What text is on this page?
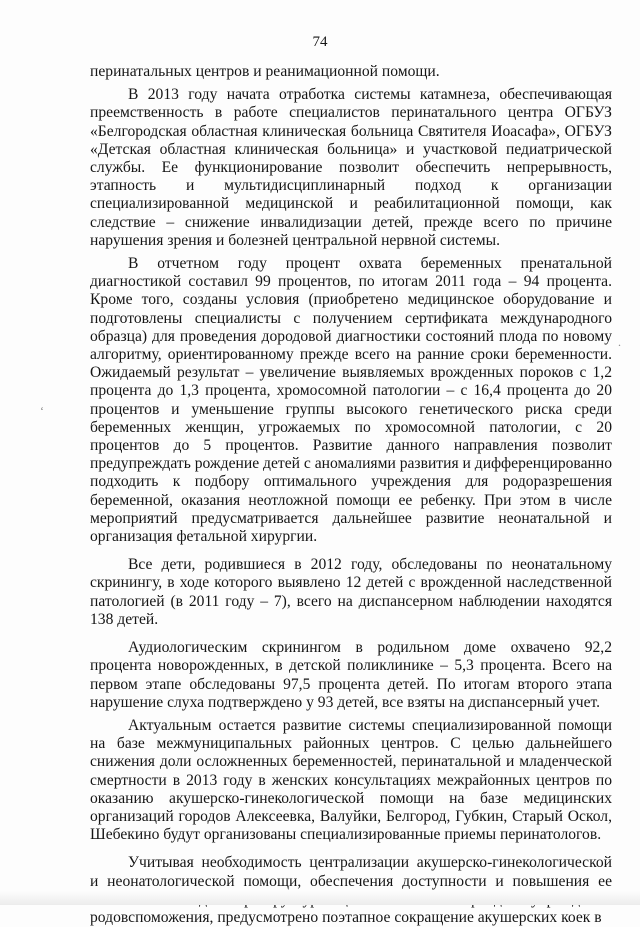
74

перинатальных центров и реанимационной помощи.

В 2013 году начата отработка системы катамнеза, обеспечивающая преемственность в работе специалистов перинатального центра ОГБУЗ «Белгородская областная клиническая больница Святителя Иоасафа», ОГБУЗ «Детская областная клиническая больница» и участковой педиатрической службы. Ее функционирование позволит обеспечить непрерывность, этапность и мультидисциплинарный подход к организации специализированной медицинской и реабилитационной помощи, как следствие – снижение инвалидизации детей, прежде всего по причине нарушения зрения и болезней центральной нервной системы.

В отчетном году процент охвата беременных пренатальной диагностикой составил 99 процентов, по итогам 2011 года – 94 процента. Кроме того, созданы условия (приобретено медицинское оборудование и подготовлены специалисты с получением сертификата международного образца) для проведения дородовой диагностики состояний плода по новому алгоритму, ориентированному прежде всего на ранние сроки беременности. Ожидаемый результат – увеличение выявляемых врожденных пороков с 1,2 процента до 1,3 процента, хромосомной патологии – с 16,4 процента до 20 процентов и уменьшение группы высокого генетического риска среди беременных женщин, угрожаемых по хромосомной патологии, с 20 процентов до 5 процентов. Развитие данного направления позволит предупреждать рождение детей с аномалиями развития и дифференцированно подходить к подбору оптимального учреждения для родоразрешения беременной, оказания неотложной помощи ее ребенку. При этом в числе мероприятий предусматривается дальнейшее развитие неонатальной и организация фетальной хирургии.

Все дети, родившиеся в 2012 году, обследованы по неонатальному скринингу, в ходе которого выявлено 12 детей с врожденной наследственной патологией (в 2011 году – 7), всего на диспансерном наблюдении находятся 138 детей.

Аудиологическим скринингом в родильном доме охвачено 92,2 процента новорожденных, в детской поликлинике – 5,3 процента. Всего на первом этапе обследованы 97,5 процента детей. По итогам второго этапа нарушение слуха подтверждено у 93 детей, все взяты на диспансерный учет.

Актуальным остается развитие системы специализированной помощи на базе межмуниципальных районных центров. С целью дальнейшего снижения доли осложненных беременностей, перинатальной и младенческой смертности в 2013 году в женских консультациях межрайонных центров по оказанию акушерско-гинекологической помощи на базе медицинских организаций городов Алексеевка, Валуйки, Белгород, Губкин, Старый Оскол, Шебекино будут организованы специализированные приемы перинатологов.

Учитывая необходимость централизации акушерско-гинекологической и неонатологической помощи, обеспечения доступности и повышения ее родовспоможения, предусмотрено поэтапное сокращение акушерских коек в

‘
.
